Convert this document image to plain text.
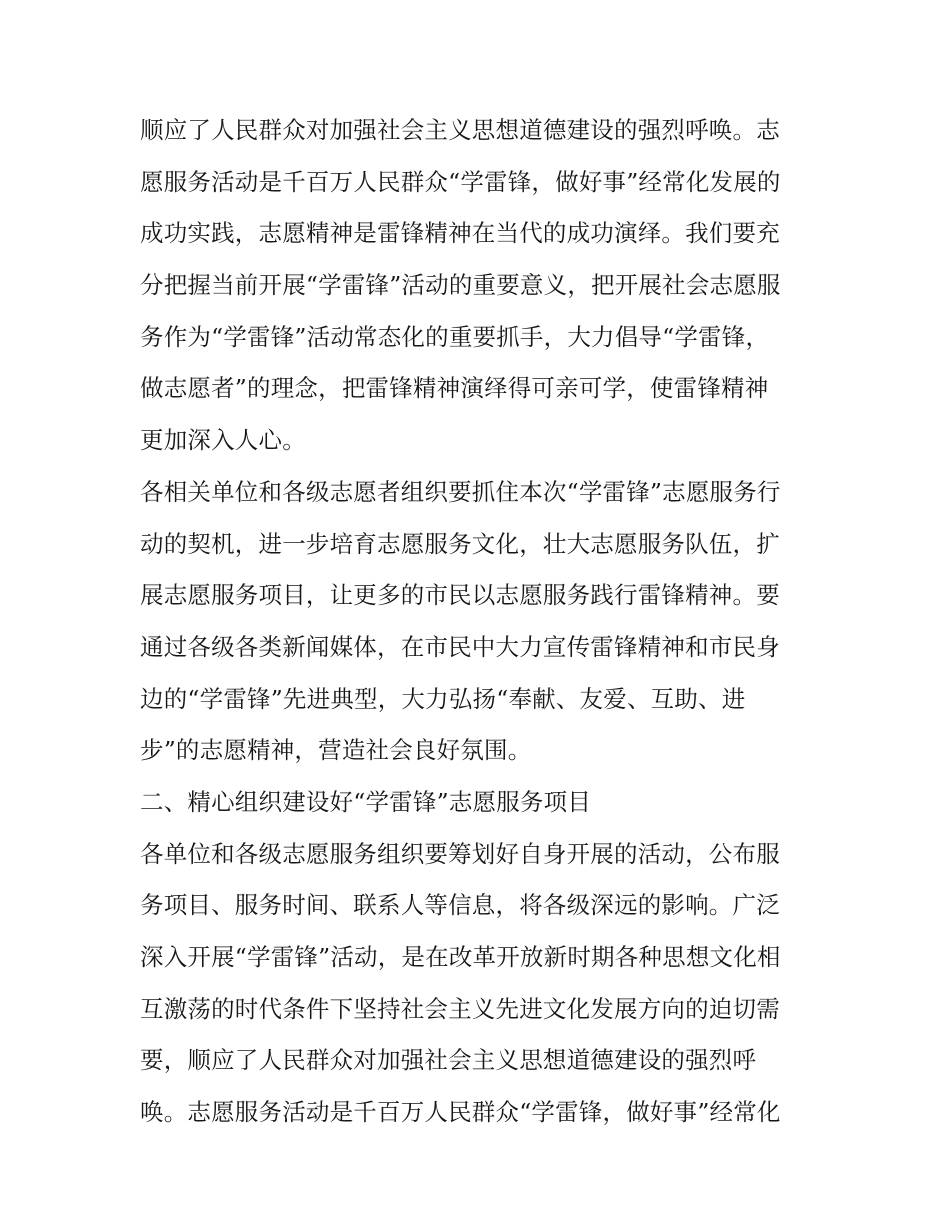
顺应了人民群众对加强社会主义思想道德建设的强烈呼唤。志
愿服务活动是千百万人民群众“学雷锋，做好事”经常化发展的
成功实践，志愿精神是雷锋精神在当代的成功演绎。我们要充
分把握当前开展“学雷锋”活动的重要意义，把开展社会志愿服
务作为“学雷锋”活动常态化的重要抓手，大力倡导“学雷锋，
做志愿者”的理念，把雷锋精神演绎得可亲可学，使雷锋精神
更加深入人心。
各相关单位和各级志愿者组织要抓住本次“学雷锋”志愿服务行
动的契机，进一步培育志愿服务文化，壮大志愿服务队伍，扩
展志愿服务项目，让更多的市民以志愿服务践行雷锋精神。要
通过各级各类新闻媒体，在市民中大力宣传雷锋精神和市民身
边的“学雷锋”先进典型，大力弘扬“奉献、友爱、互助、进
步”的志愿精神，营造社会良好氛围。
二、精心组织建设好“学雷锋”志愿服务项目
各单位和各级志愿服务组织要筹划好自身开展的活动，公布服
务项目、服务时间、联系人等信息，将各级深远的影响。广泛
深入开展“学雷锋”活动，是在改革开放新时期各种思想文化相
互激荡的时代条件下坚持社会主义先进文化发展方向的迫切需
要，顺应了人民群众对加强社会主义思想道德建设的强烈呼
唤。志愿服务活动是千百万人民群众“学雷锋，做好事”经常化
